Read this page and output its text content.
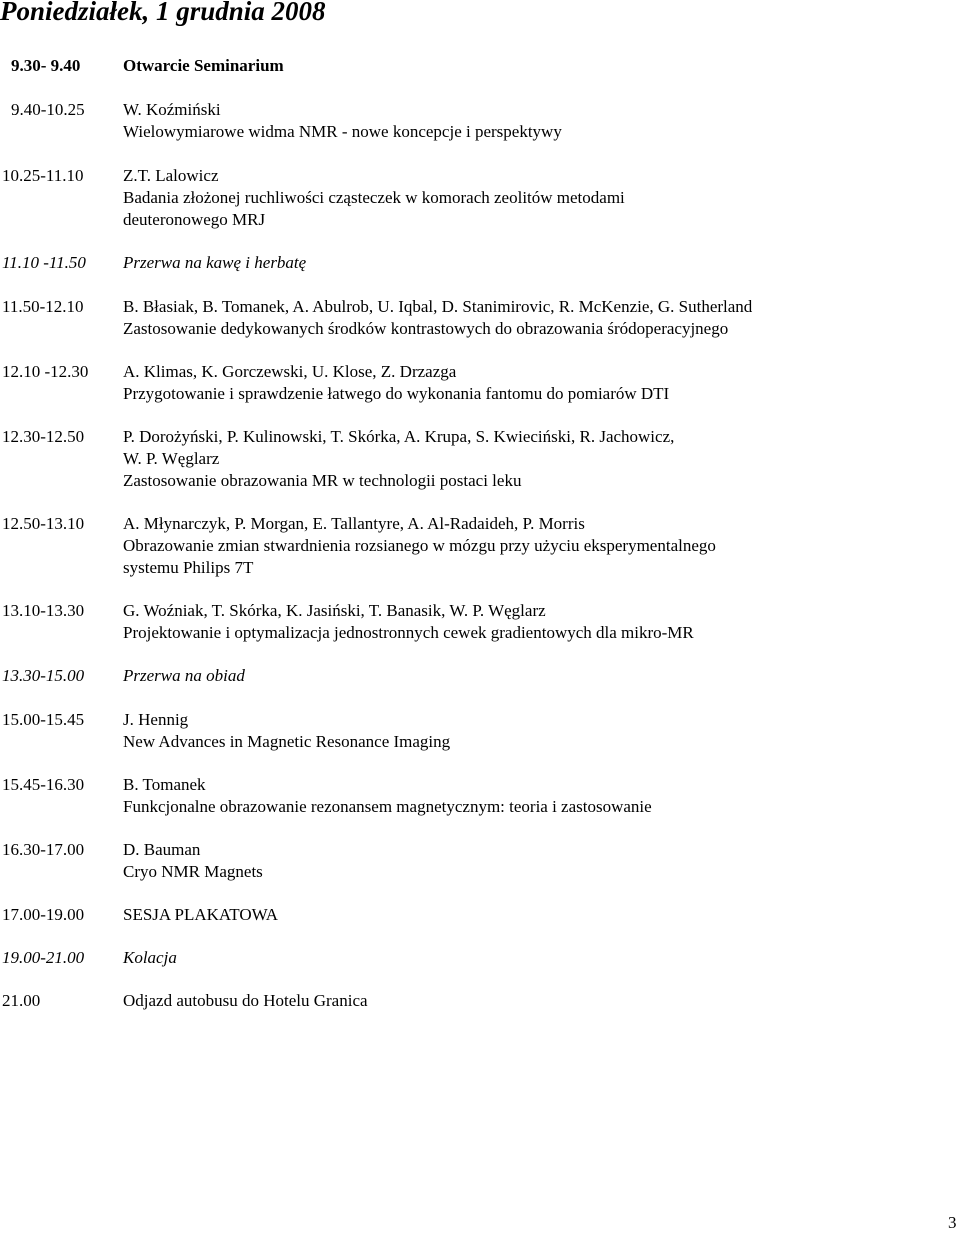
Poniedziałek, 1 grudnia 2008
9.30- 9.40	Otwarcie Seminarium
9.40-10.25 W. Koźmiński
Wielowymiarowe widma NMR - nowe koncepcje i perspektywy
10.25-11.10 Z.T. Lalowicz
Badania złożonej ruchliwości cząsteczek w komorach zeolitów metodami
deuteronowego MRJ
11.10 -11.50 Przerwa na kawę i herbatę
11.50-12.10 B. Błasiak, B. Tomanek, A. Abulrob, U. Iqbal, D. Stanimirovic, R. McKenzie, G. Sutherland
Zastosowanie dedykowanych środków kontrastowych do obrazowania śródoperacyjnego
12.10 -12.30 A. Klimas, K. Gorczewski, U. Klose, Z. Drzazga
Przygotowanie i sprawdzenie łatwego do wykonania fantomu do pomiarów DTI
12.30-12.50 P. Dorożyński, P. Kulinowski, T. Skórka, A. Krupa, S. Kwieciński, R. Jachowicz,
W. P. Węglarz
Zastosowanie obrazowania MR w technologii postaci leku
12.50-13.10 A. Młynarczyk, P. Morgan, E. Tallantyre, A. Al-Radaideh, P. Morris
Obrazowanie zmian stwardnienia rozsianego w mózgu przy użyciu eksperymentalnego
systemu Philips 7T
13.10-13.30 G. Woźniak, T. Skórka, K. Jasiński, T. Banasik, W. P. Węglarz
Projektowanie i optymalizacja jednostronnych cewek gradientowych dla mikro-MR
13.30-15.00 Przerwa na obiad
15.00-15.45 J. Hennig
New Advances in Magnetic Resonance Imaging
15.45-16.30 B. Tomanek
Funkcjonalne obrazowanie rezonansem magnetycznym: teoria i zastosowanie
16.30-17.00 D. Bauman
Cryo NMR Magnets
17.00-19.00 SESJA PLAKATOWA
19.00-21.00 Kolacja
21.00	Odjazd autobusu do Hotelu Granica
3
